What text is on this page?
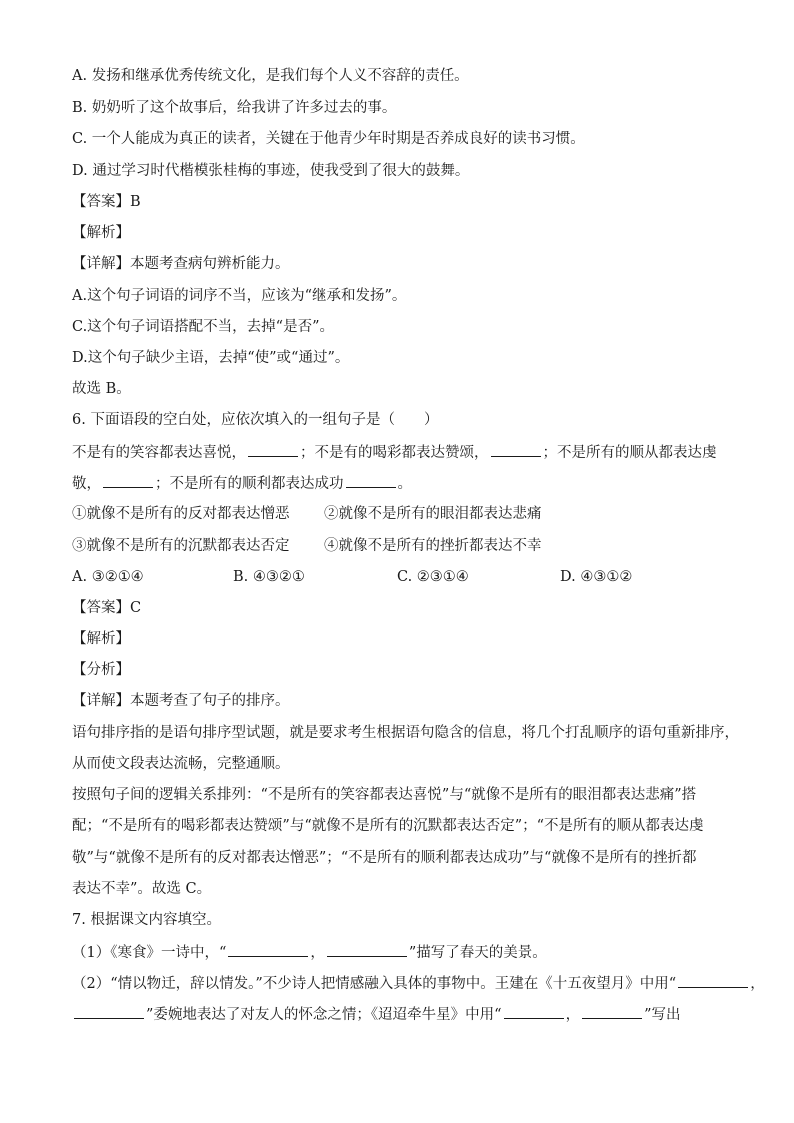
A. 发扬和继承优秀传统文化，是我们每个人义不容辞的责任。
B. 奶奶听了这个故事后，给我讲了许多过去的事。
C. 一个人能成为真正的读者，关键在于他青少年时期是否养成良好的读书习惯。
D. 通过学习时代楷模张桂梅的事迹，使我受到了很大的鼓舞。
【答案】B
【解析】
【详解】本题考查病句辨析能力。
A.这个句子词语的词序不当，应该为“继承和发扬”。
C.这个句子词语搭配不当，去掉“是否”。
D.这个句子缺少主语，去掉“使”或“通过”。
故选 B。
6. 下面语段的空白处，应依次填入的一组句子是（　　）
不是有的笑容都表达喜悦，	；不是有的喝彩都表达赞颂，	；不是所有的顺从都表达虔
敬，	；不是所有的顺利都表达成功	。
①就像不是所有的反对都表达憎恶 ②就像不是所有的眼泪都表达悲痛
③就像不是所有的沉默都表达否定 ④就像不是所有的挫折都表达不幸
A. ③②①④	B. ④③②①	C. ②③①④	D. ④③①②
【答案】C
【解析】
【分析】
【详解】本题考查了句子的排序。
语句排序指的是语句排序型试题，就是要求考生根据语句隐含的信息，将几个打乱顺序的语句重新排序，
从而使文段表达流畅，完整通顺。
按照句子间的逻辑关系排列：“不是所有的笑容都表达喜悦”与“就像不是所有的眼泪都表达悲痛”搭
配；“不是所有的喝彩都表达赞颂”与“就像不是所有的沉默都表达否定”；“不是所有的顺从都表达虔
敬”与“就像不是所有的反对都表达憎恶”；“不是所有的顺利都表达成功”与“就像不是所有的挫折都
表达不幸”。故选 C。
7. 根据课文内容填空。
（1）《寒食》一诗中，“	，	”描写了春天的美景。
（2）“情以物迁，辞以情发。”不少诗人把情感融入具体的事物中。王建在《十五夜望月》中用“	，
”委婉地表达了对友人的怀念之情；《迢迢牵牛星》中用“	，	”写出
